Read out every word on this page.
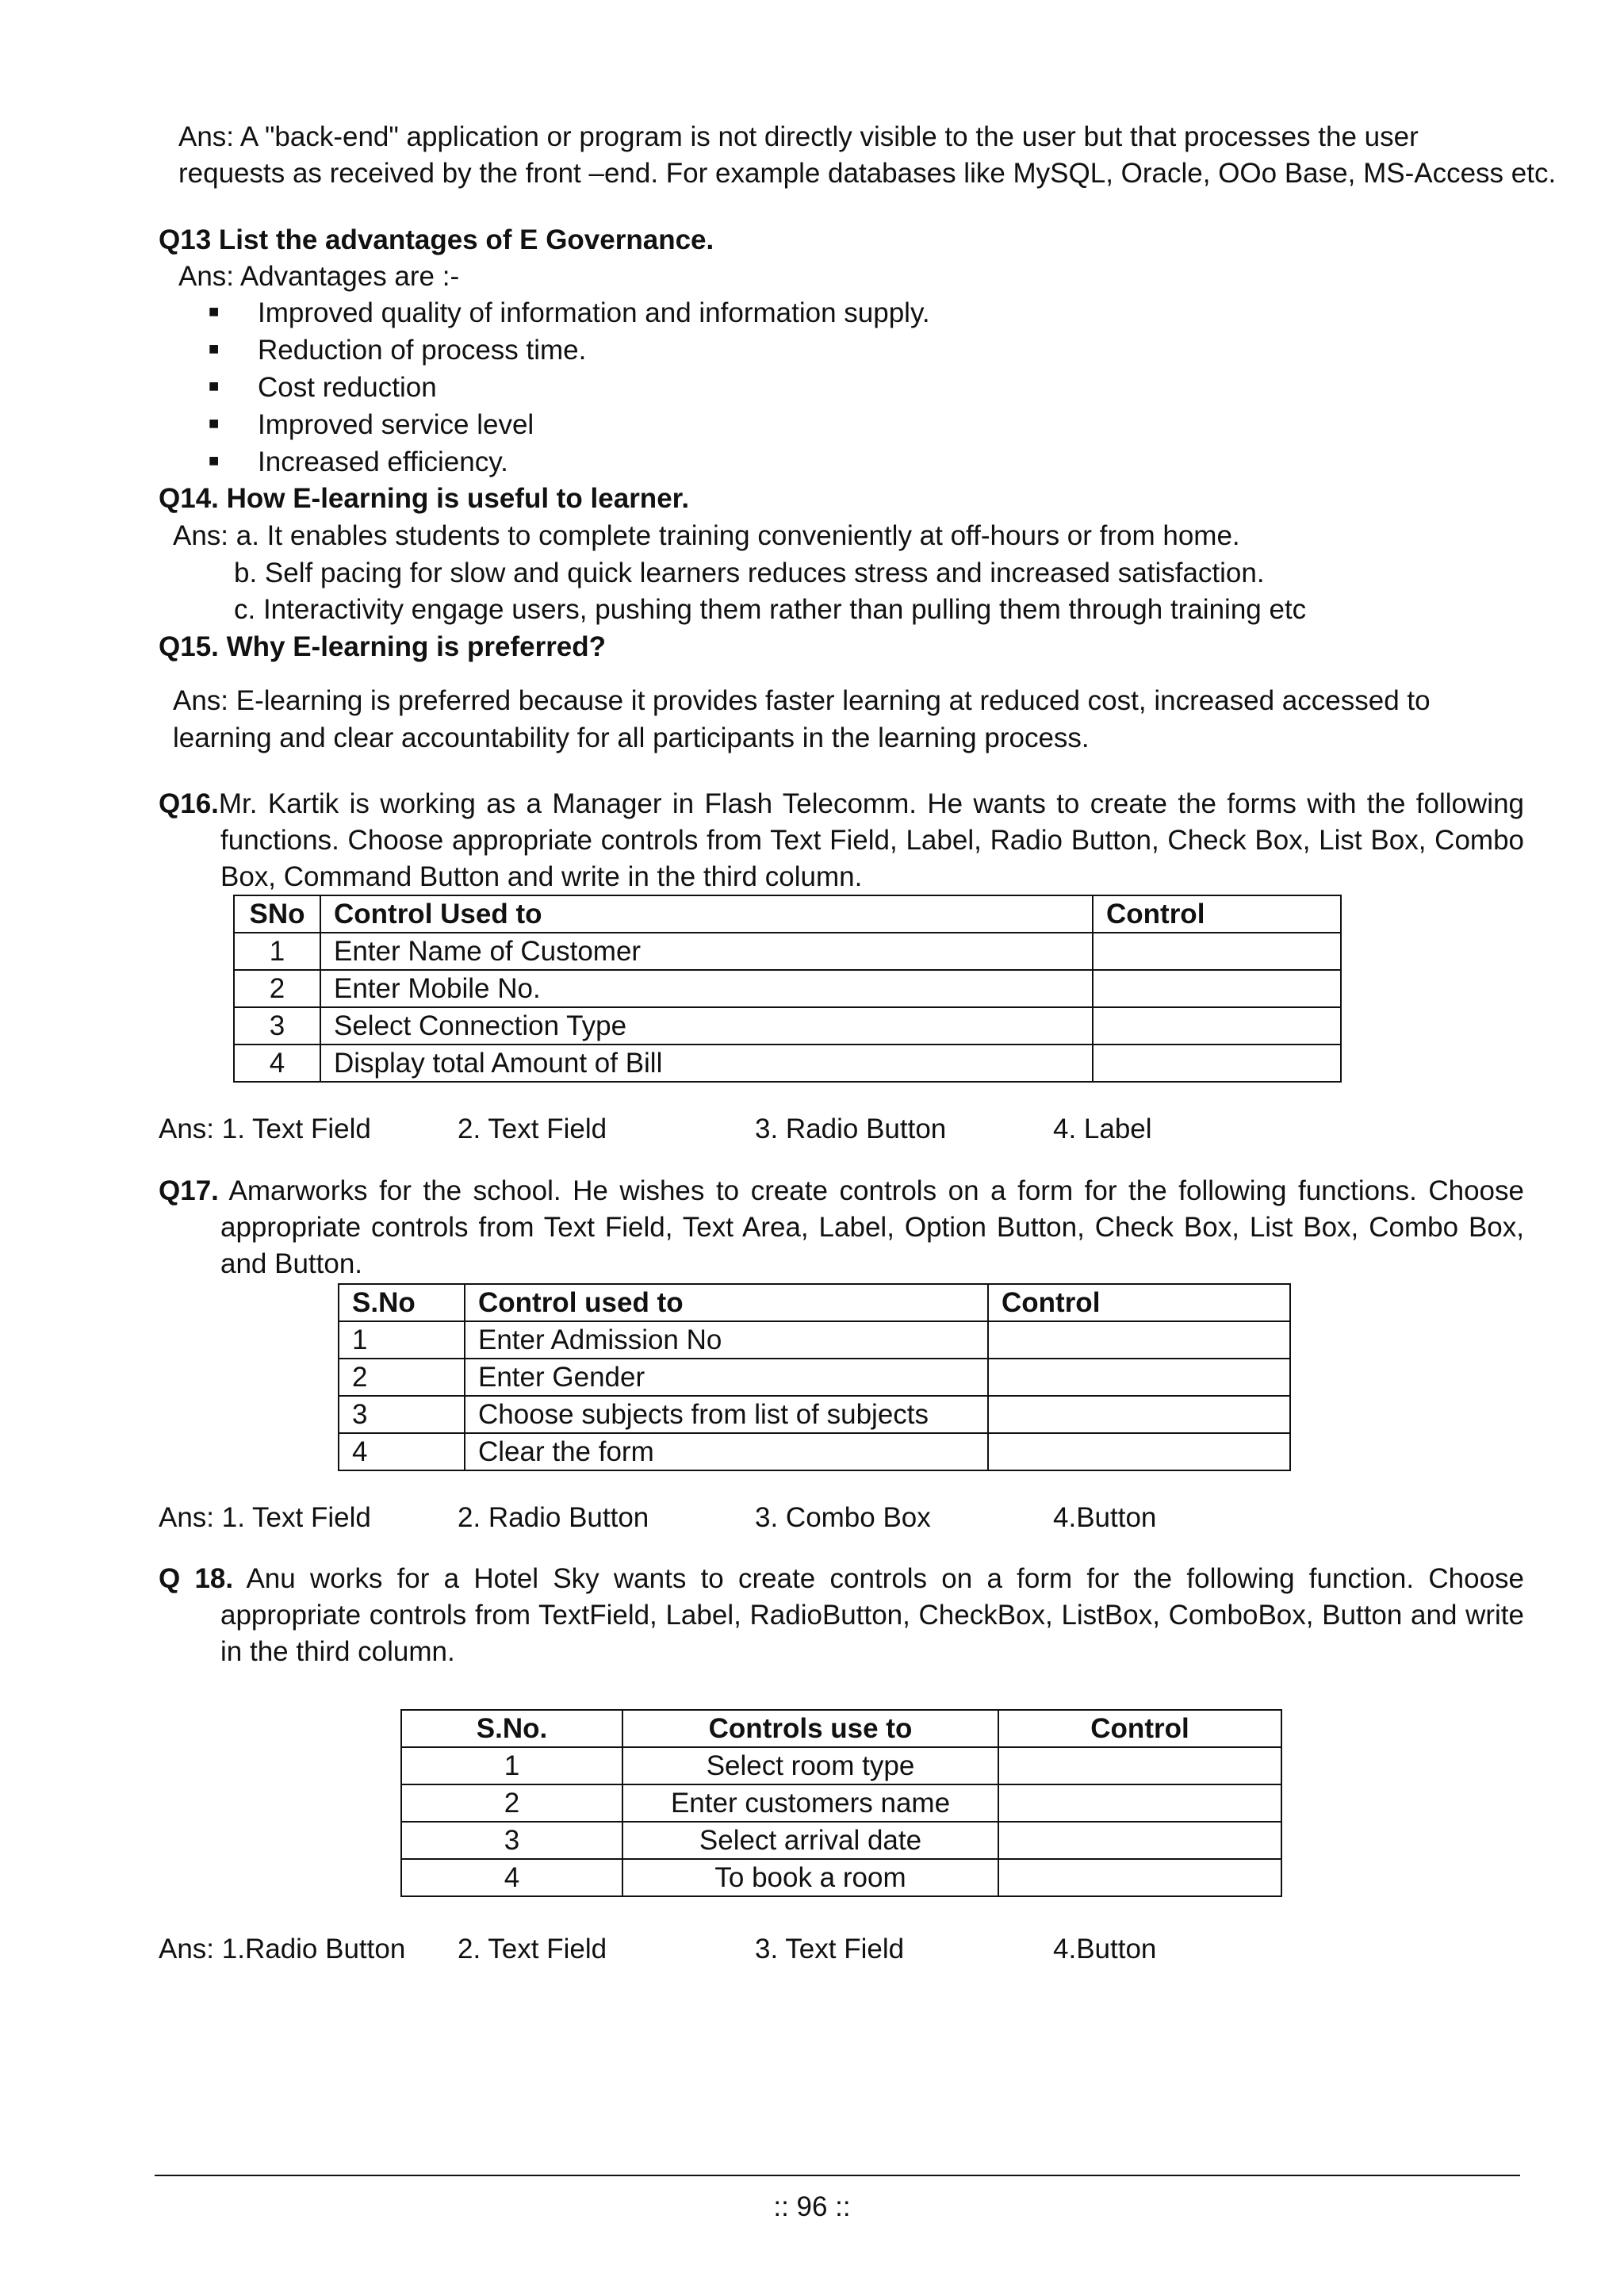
Ans: A "back-end" application or program is not directly visible to the user but that processes the user
requests as received by the front –end. For example databases like MySQL, Oracle, OOo Base, MS-Access etc.
Q13 List the advantages of E Governance.
Ans: Advantages are :-
■ Improved quality of information and information supply.
■ Reduction of process time.
■ Cost reduction
■ Improved service level
■ Increased efficiency.
Q14. How E-learning is useful to learner.
Ans: a. It enables students to complete training conveniently at off-hours or from home.
b. Self pacing for slow and quick learners reduces stress and increased satisfaction.
c. Interactivity engage users, pushing them rather than pulling them through training etc
Q15. Why E-learning is preferred?
Ans: E-learning is preferred because it provides faster learning at reduced cost, increased accessed to
learning and clear accountability for all participants in the learning process.
Q16.Mr. Kartik is working as a Manager in Flash Telecomm. He wants to create the forms with the following
functions. Choose appropriate controls from Text Field, Label, Radio Button, Check Box, List Box, Combo
Box, Command Button and write in the third column.
SNo	Control Used to	Control
1	Enter Name of Customer	
2	Enter Mobile No.	
3	Select Connection Type	
4	Display total Amount of Bill	
Ans: 1. Text Field	2. Text Field	3. Radio Button	4. Label
Q17. Amarworks for the school. He wishes to create controls on a form for the following functions. Choose
appropriate controls from Text Field, Text Area, Label, Option Button, Check Box, List Box, Combo Box,
and Button.
S.No	Control used to	Control
1	Enter Admission No	
2	Enter Gender	
3	Choose subjects from list of subjects	
4	Clear the form	
Ans: 1. Text Field	2. Radio Button	3. Combo Box	4.Button
Q 18. Anu works for a Hotel Sky wants to create controls on a form for the following function. Choose
appropriate controls from TextField, Label, RadioButton, CheckBox, ListBox, ComboBox, Button and write
in the third column.
S.No.	Controls use to	Control
1	Select room type	
2	Enter customers name	
3	Select arrival date	
4	To book a room	
Ans: 1.Radio Button 2. Text Field	3. Text Field	4.Button
:: 96 ::
